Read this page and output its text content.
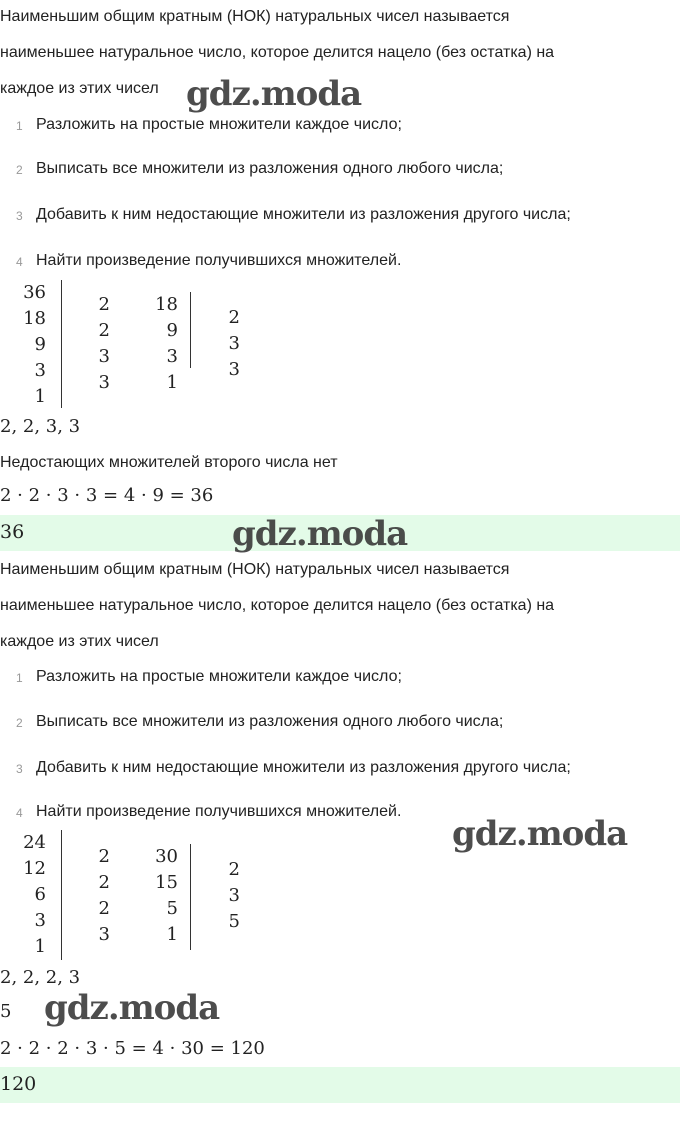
Наименьшим общим кратным (НОК) натуральных чисел называется
наименьшее натуральное число, которое делится нацело (без остатка) на
каждое из этих чисел gdz.moda
1 Разложить на простые множители каждое число;
2 Выписать все множители из разложения одного любого числа;
3 Добавить к ним недостающие множители из разложения другого числа;
4 Найти произведение получившихся множителей.
36
18
9
3
1
2
2
3
3
18
9
3
1
2
3
3
2, 2, 3, 3
Недостающих множителей второго числа нет
2 · 2 · 3 · 3 = 4 · 9 = 36
36	gdz.moda
Наименьшим общим кратным (НОК) натуральных чисел называется
наименьшее натуральное число, которое делится нацело (без остатка) на
каждое из этих чисел
1 Разложить на простые множители каждое число;
2 Выписать все множители из разложения одного любого числа;
3 Добавить к ним недостающие множители из разложения другого числа;
4 Найти произведение получившихся множителей.
gdz.moda
24
12
6
3
1
2
2
2
3
30
15
5
1
2
3
5
2, 2, 2, 3
5 gdz.moda
2 · 2 · 2 · 3 · 5 = 4 · 30 = 120
120
